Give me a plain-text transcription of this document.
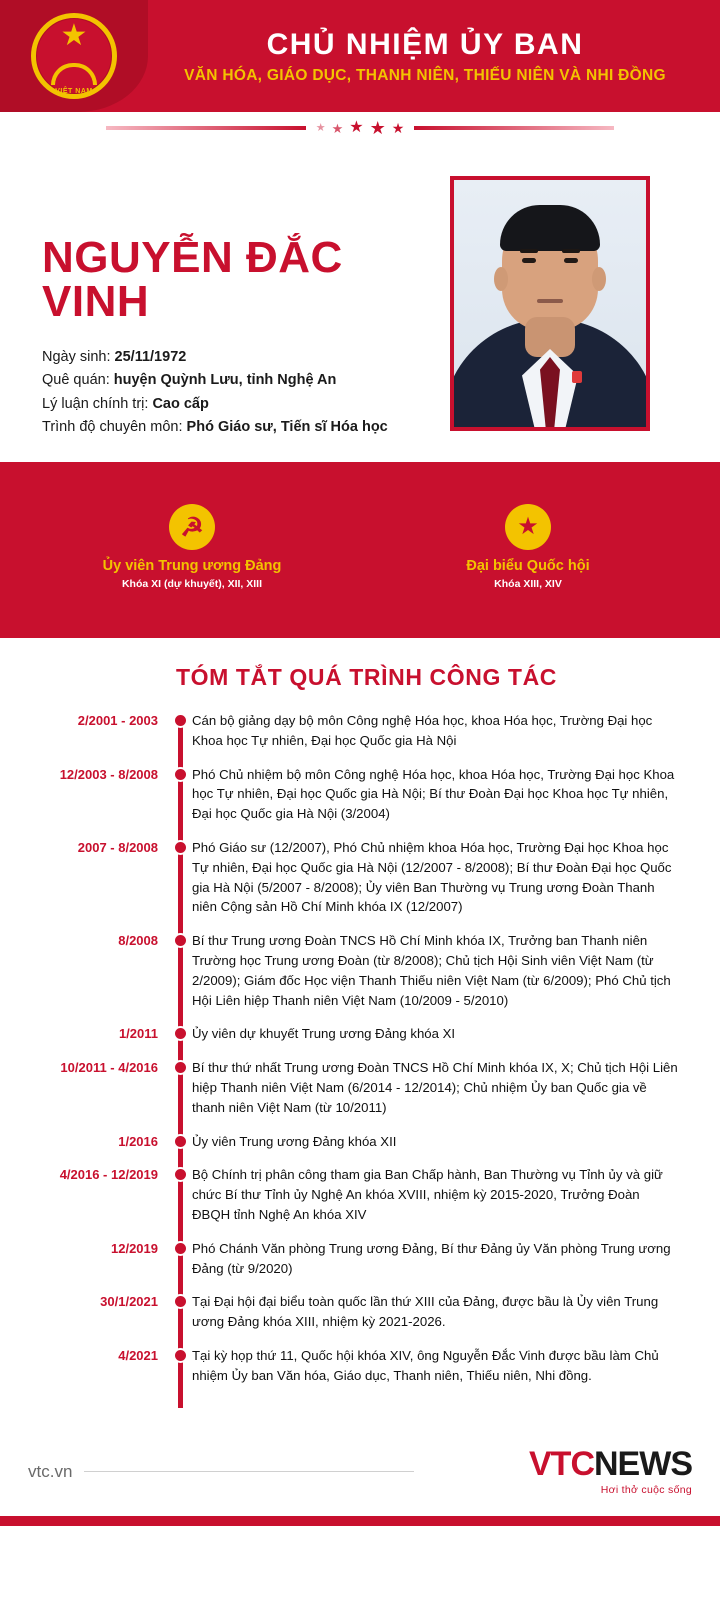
★
VIỆT NAM
CHỦ NHIỆM ỦY BAN
VĂN HÓA, GIÁO DỤC, THANH NIÊN, THIẾU NIÊN VÀ NHI ĐỒNG
★ ★ ★ ★ ★
NGUYỄN ĐẮC VINH
Ngày sinh: 25/11/1972
Quê quán: huyện Quỳnh Lưu, tỉnh Nghệ An
Lý luận chính trị: Cao cấp
Trình độ chuyên môn: Phó Giáo sư, Tiến sĩ Hóa học
☭
Ủy viên Trung ương Đảng
Khóa XI (dự khuyết), XII, XIII
★
Đại biểu Quốc hội
Khóa XIII, XIV
TÓM TẮT QUÁ TRÌNH CÔNG TÁC
2/2001 - 2003	Cán bộ giảng dạy bộ môn Công nghệ Hóa học, khoa Hóa học, Trường Đại học Khoa học Tự nhiên, Đại học Quốc gia Hà Nội
12/2003 - 8/2008	Phó Chủ nhiệm bộ môn Công nghệ Hóa học, khoa Hóa học, Trường Đại học Khoa học Tự nhiên, Đại học Quốc gia Hà Nội; Bí thư Đoàn Đại học Khoa học Tự nhiên, Đại học Quốc gia Hà Nội (3/2004)
2007 - 8/2008	Phó Giáo sư (12/2007), Phó Chủ nhiệm khoa Hóa học, Trường Đại học Khoa học Tự nhiên, Đại học Quốc gia Hà Nội (12/2007 - 8/2008); Bí thư Đoàn Đại học Quốc gia Hà Nội (5/2007 - 8/2008); Ủy viên Ban Thường vụ Trung ương Đoàn Thanh niên Cộng sản Hồ Chí Minh khóa IX (12/2007)
8/2008	Bí thư Trung ương Đoàn TNCS Hồ Chí Minh khóa IX, Trưởng ban Thanh niên Trường học Trung ương Đoàn (từ 8/2008); Chủ tịch Hội Sinh viên Việt Nam (từ 2/2009); Giám đốc Học viện Thanh Thiếu niên Việt Nam (từ 6/2009); Phó Chủ tịch Hội Liên hiệp Thanh niên Việt Nam (10/2009 - 5/2010)
1/2011	Ủy viên dự khuyết Trung ương Đảng khóa XI
10/2011 - 4/2016	Bí thư thứ nhất Trung ương Đoàn TNCS Hồ Chí Minh khóa IX, X; Chủ tịch Hội Liên hiệp Thanh niên Việt Nam (6/2014 - 12/2014); Chủ nhiệm Ủy ban Quốc gia về thanh niên Việt Nam (từ 10/2011)
1/2016	Ủy viên Trung ương Đảng khóa XII
4/2016 - 12/2019	Bộ Chính trị phân công tham gia Ban Chấp hành, Ban Thường vụ Tỉnh ủy và giữ chức Bí thư Tỉnh ủy Nghệ An khóa XVIII, nhiệm kỳ 2015-2020, Trưởng Đoàn ĐBQH tỉnh Nghệ An khóa XIV
12/2019	Phó Chánh Văn phòng Trung ương Đảng, Bí thư Đảng ủy Văn phòng Trung ương Đảng (từ 9/2020)
30/1/2021	Tại Đại hội đại biểu toàn quốc lần thứ XIII của Đảng, được bầu là Ủy viên Trung ương Đảng khóa XIII, nhiệm kỳ 2021-2026.
4/2021	Tại kỳ họp thứ 11, Quốc hội khóa XIV, ông Nguyễn Đắc Vinh được bầu làm Chủ nhiệm Ủy ban Văn hóa, Giáo dục, Thanh niên, Thiếu niên, Nhi đồng.
vtc.vn	VTCNEWS
Hơi thở cuộc sống
